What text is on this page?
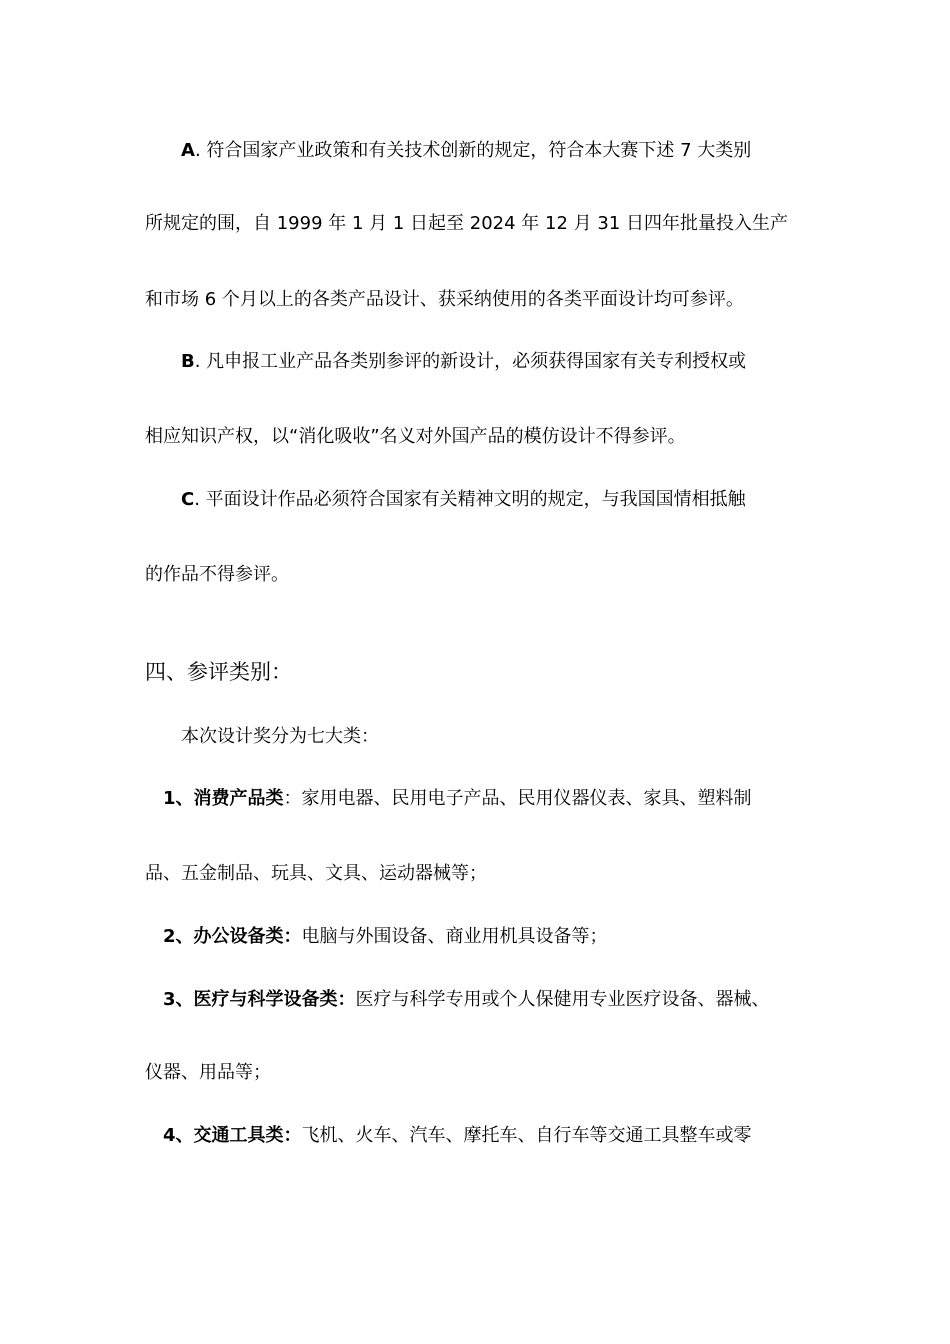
A. 符合国家产业政策和有关技术创新的规定，符合本大赛下述 7 大类别
所规定的围，自 1999 年 1 月 1 日起至 2024 年 12 月 31 日四年批量投入生产
和市场 6 个月以上的各类产品设计、获采纳使用的各类平面设计均可参评。
B. 凡申报工业产品各类别参评的新设计，必须获得国家有关专利授权或
相应知识产权，以“消化吸收”名义对外国产品的模仿设计不得参评。
C. 平面设计作品必须符合国家有关精神文明的规定，与我国国情相抵触
的作品不得参评。
四、参评类别：
本次设计奖分为七大类：
1、消费产品类：家用电器、民用电子产品、民用仪器仪表、家具、塑料制
品、五金制品、玩具、文具、运动器械等；
2、办公设备类：电脑与外围设备、商业用机具设备等；
3、医疗与科学设备类：医疗与科学专用或个人保健用专业医疗设备、器械、
仪器、用品等；
4、交通工具类：飞机、火车、汽车、摩托车、自行车等交通工具整车或零
